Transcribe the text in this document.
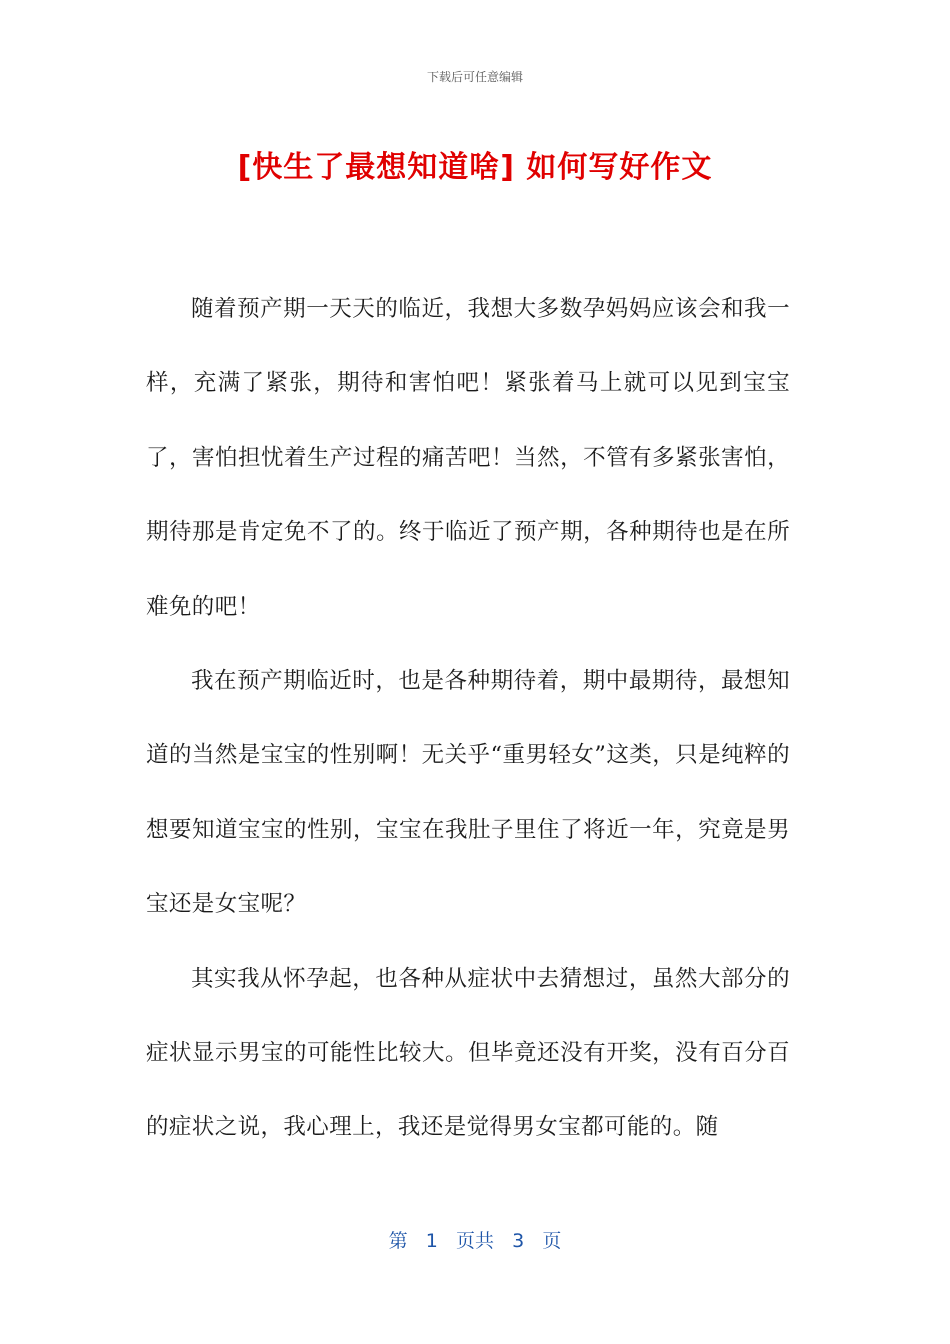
下载后可任意编辑
[快生了最想知道啥] 如何写好作文

随着预产期一天天的临近，我想大多数孕妈妈应该会和我一样，充满了紧张，期待和害怕吧！紧张着马上就可以见到宝宝了，害怕担忧着生产过程的痛苦吧！当然，不管有多紧张害怕，期待那是肯定免不了的。终于临近了预产期，各种期待也是在所难免的吧！

我在预产期临近时，也是各种期待着，期中最期待，最想知道的当然是宝宝的性别啊！无关乎“重男轻女”这类，只是纯粹的想要知道宝宝的性别，宝宝在我肚子里住了将近一年，究竟是男宝还是女宝呢？

其实我从怀孕起，也各种从症状中去猜想过，虽然大部分的症状显示男宝的可能性比较大。但毕竟还没有开奖，没有百分百的症状之说，我心理上，我还是觉得男女宝都可能的。随

第 1 页共 3 页
